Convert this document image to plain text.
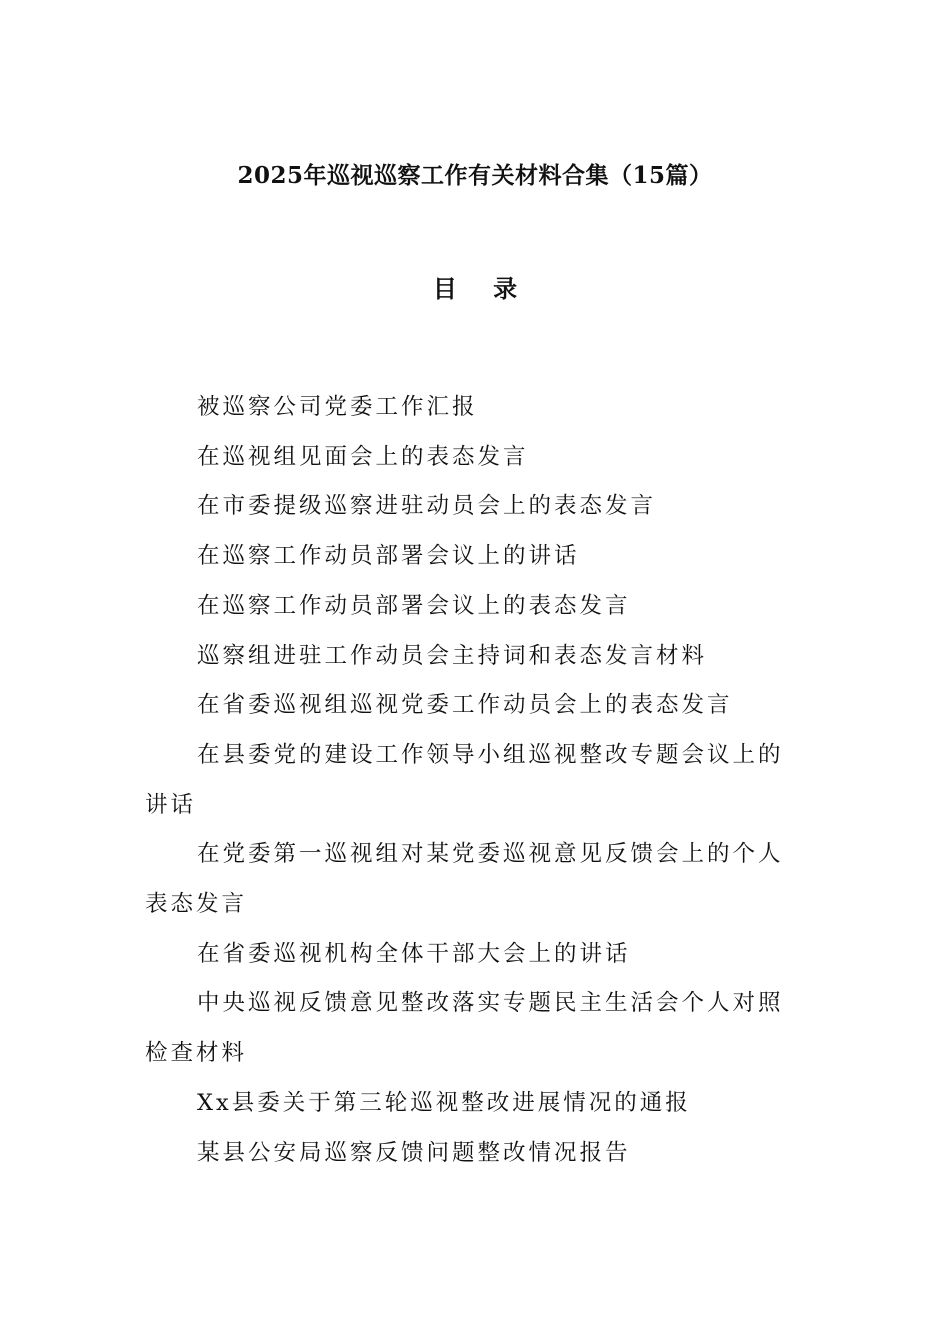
2025年巡视巡察工作有关材料合集（15篇）
目 录
被巡察公司党委工作汇报
在巡视组见面会上的表态发言
在市委提级巡察进驻动员会上的表态发言
在巡察工作动员部署会议上的讲话
在巡察工作动员部署会议上的表态发言
巡察组进驻工作动员会主持词和表态发言材料
在省委巡视组巡视党委工作动员会上的表态发言
在县委党的建设工作领导小组巡视整改专题会议上的讲话
在党委第一巡视组对某党委巡视意见反馈会上的个人表态发言
在省委巡视机构全体干部大会上的讲话
中央巡视反馈意见整改落实专题民主生活会个人对照检查材料
Xx县委关于第三轮巡视整改进展情况的通报
某县公安局巡察反馈问题整改情况报告
